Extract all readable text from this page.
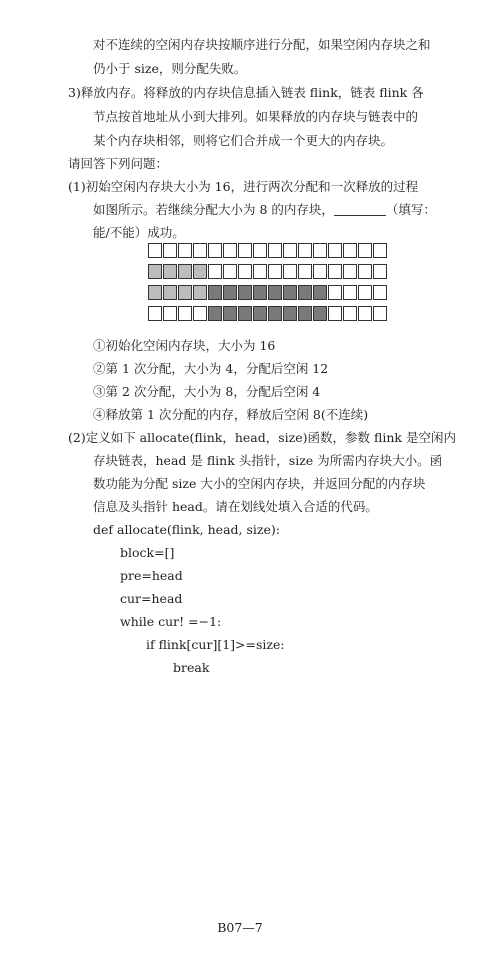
对不连续的空闲内存块按顺序进行分配，如果空闲内存块之和
仍小于 size，则分配失败。
3)释放内存。将释放的内存块信息插入链表 flink，链表 flink 各
节点按首地址从小到大排列。如果释放的内存块与链表中的
某个内存块相邻，则将它们合并成一个更大的内存块。
请回答下列问题：
(1)初始空闲内存块大小为 16，进行两次分配和一次释放的过程
如图所示。若继续分配大小为 8 的内存块，	（填写：
能/不能）成功。
①初始化空闲内存块，大小为 16
②第 1 次分配，大小为 4，分配后空闲 12
③第 2 次分配，大小为 8，分配后空闲 4
④释放第 1 次分配的内存，释放后空闲 8(不连续)
(2)定义如下 allocate(flink，head，size)函数，参数 flink 是空闲内
存块链表，head 是 flink 头指针，size 为所需内存块大小。函
数功能为分配 size 大小的空闲内存块，并返回分配的内存块
信息及头指针 head。请在划线处填入合适的代码。
def allocate(flink, head, size):
block=[]
pre=head
cur=head
while cur! =−1:
if flink[cur][1]>=size:
break
B07—7
